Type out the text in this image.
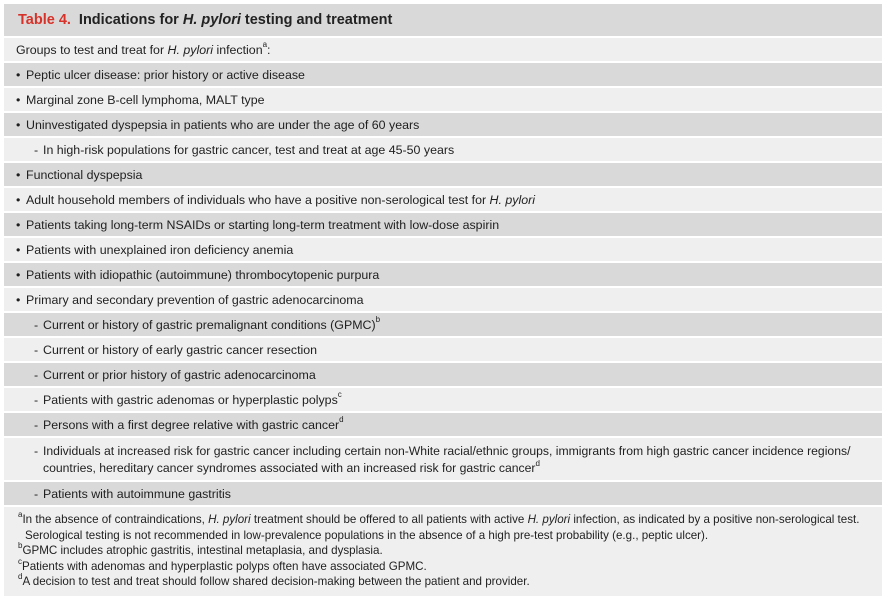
Table 4. Indications for H. pylori testing and treatment
Groups to test and treat for H. pylori infection$^a$:
• Peptic ulcer disease: prior history or active disease
• Marginal zone B-cell lymphoma, MALT type
• Uninvestigated dyspepsia in patients who are under the age of 60 years
- In high-risk populations for gastric cancer, test and treat at age 45-50 years
• Functional dyspepsia
• Adult household members of individuals who have a positive non-serological test for H. pylori
• Patients taking long-term NSAIDs or starting long-term treatment with low-dose aspirin
• Patients with unexplained iron deficiency anemia
• Patients with idiopathic (autoimmune) thrombocytopenic purpura
• Primary and secondary prevention of gastric adenocarcinoma
- Current or history of gastric premalignant conditions (GPMC)$^b$
- Current or history of early gastric cancer resection
- Current or prior history of gastric adenocarcinoma
- Patients with gastric adenomas or hyperplastic polyps$^c$
- Persons with a first degree relative with gastric cancer$^d$
- Individuals at increased risk for gastric cancer including certain non-White racial/ethnic groups, immigrants from high gastric cancer incidence regions/
countries, hereditary cancer syndromes associated with an increased risk for gastric cancer$^d$
- Patients with autoimmune gastritis
$^a$In the absence of contraindications, H. pylori treatment should be offered to all patients with active H. pylori infection, as indicated by a positive non-serological test.
Serological testing is not recommended in low-prevalence populations in the absence of a high pre-test probability (e.g., peptic ulcer).
$^b$GPMC includes atrophic gastritis, intestinal metaplasia, and dysplasia.
$^c$Patients with adenomas and hyperplastic polyps often have associated GPMC.
$^d$A decision to test and treat should follow shared decision-making between the patient and provider.
